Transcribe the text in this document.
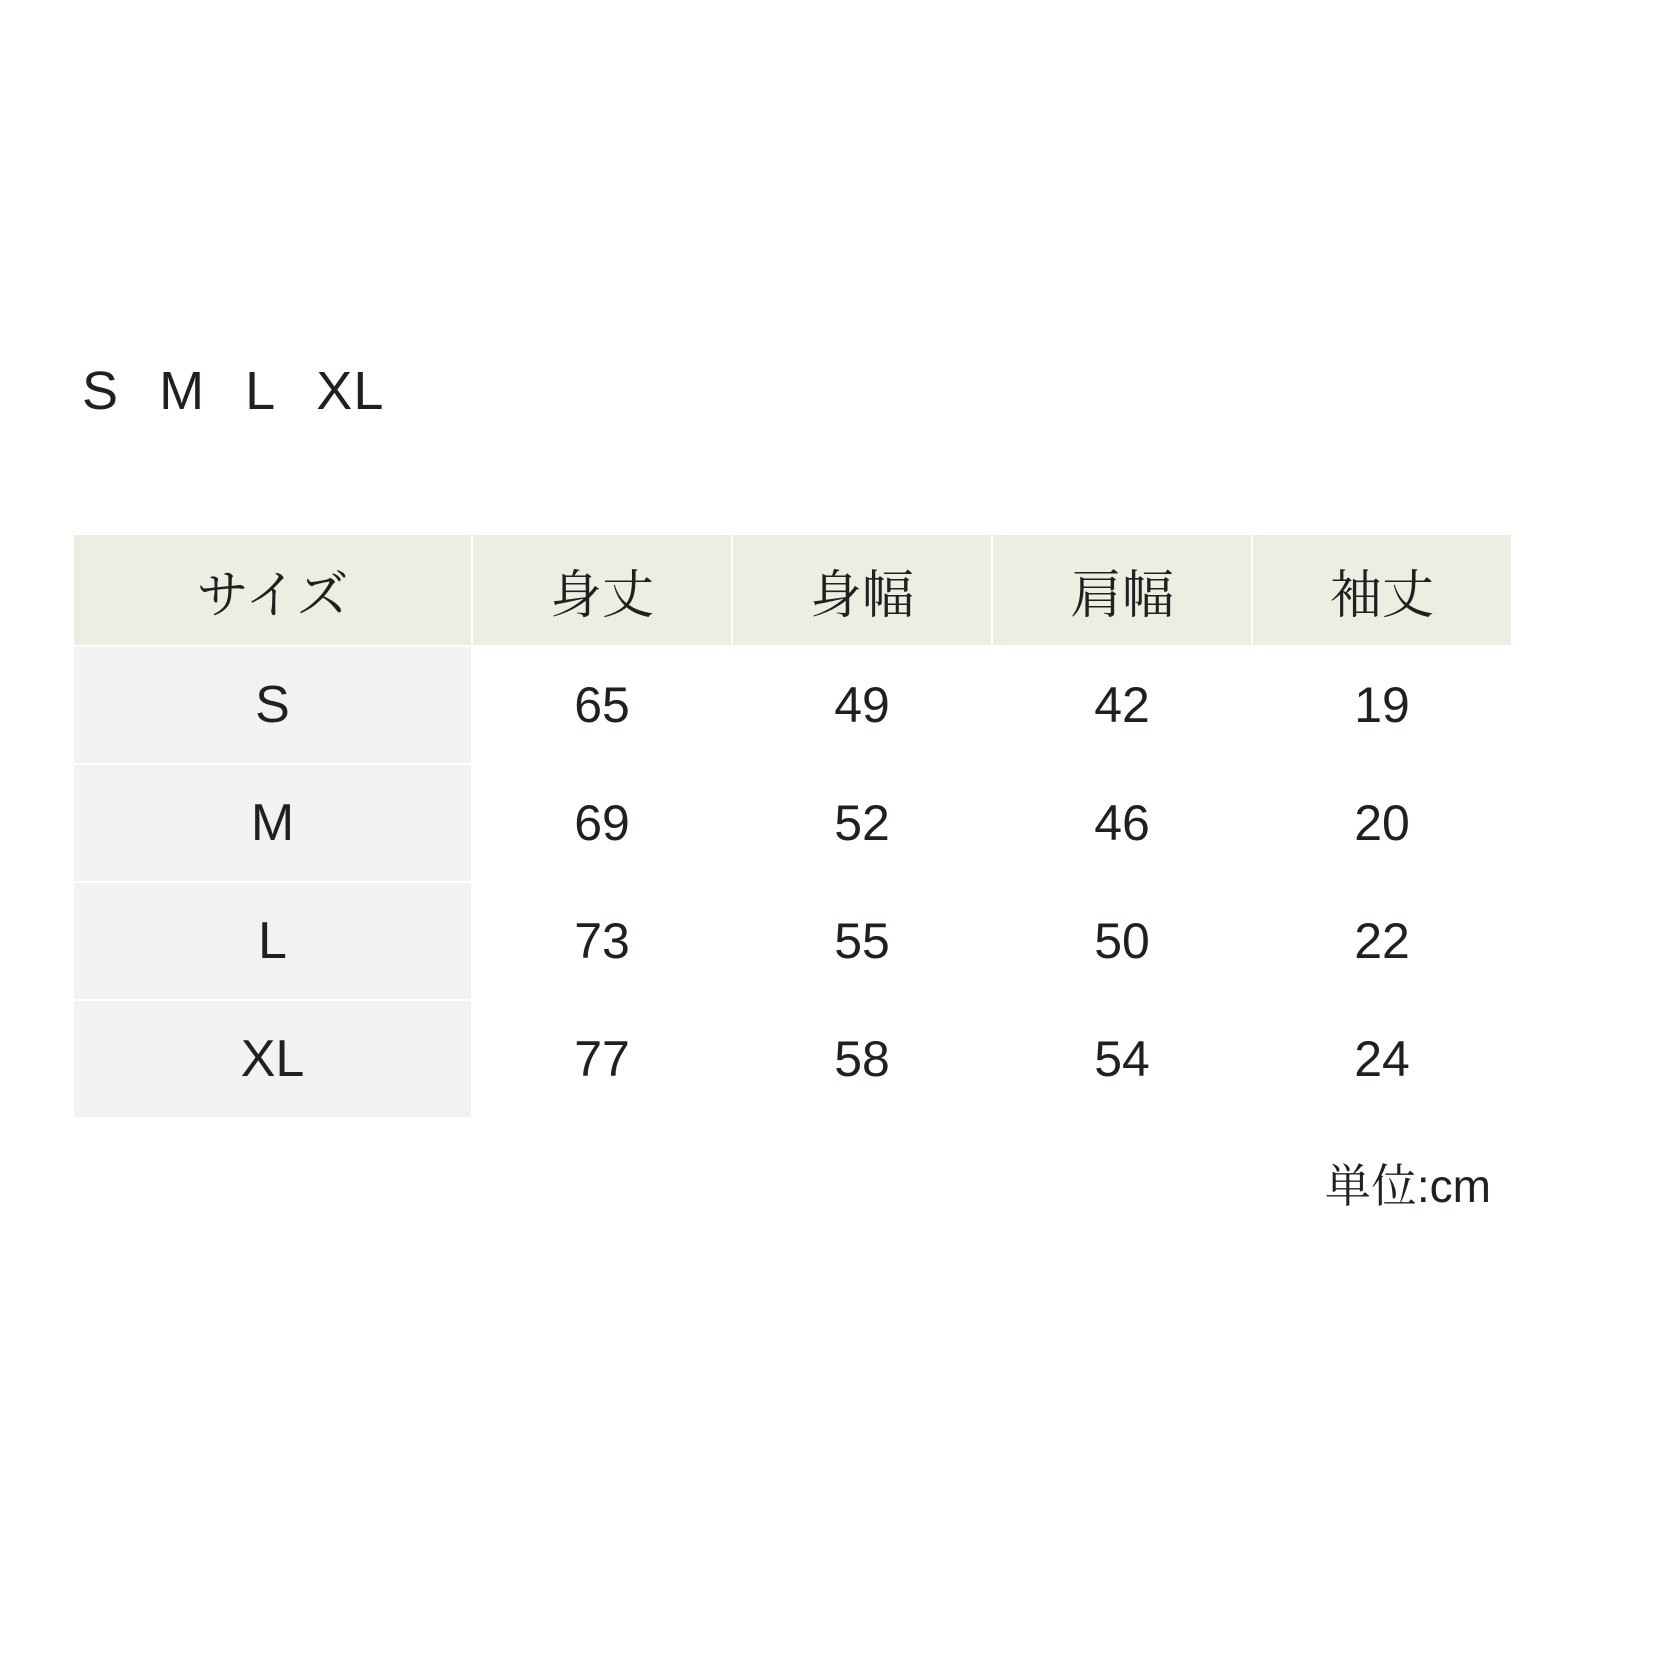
S M L XL
サイズ	身丈	身幅	肩幅	袖丈
S	65	49	42	19
M	69	52	46	20
L	73	55	50	22
XL	77	58	54	24
単位:cm
